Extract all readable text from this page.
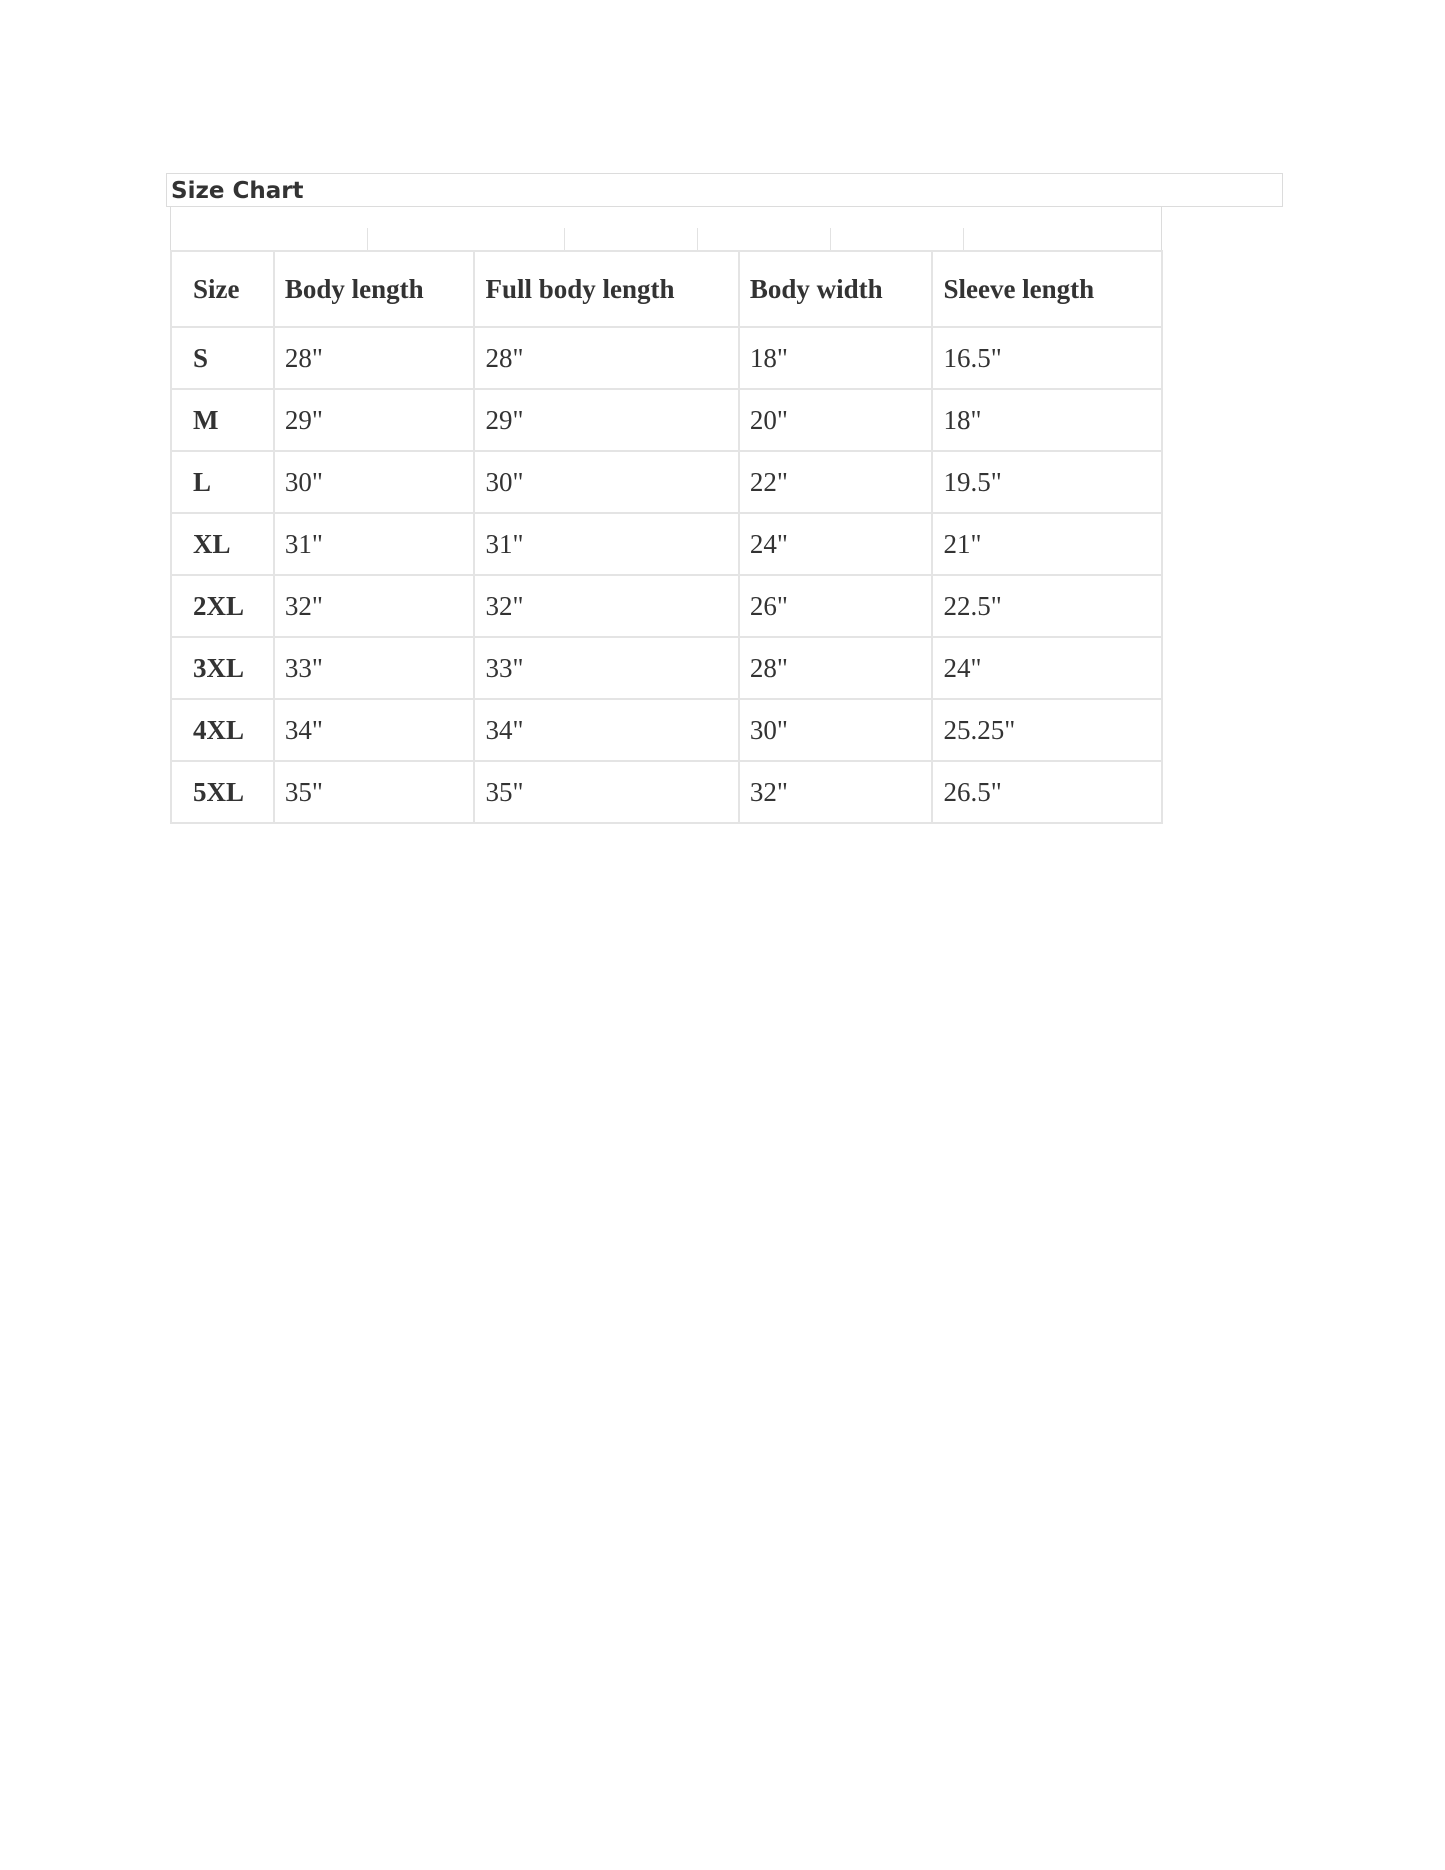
Size Chart
Size	Body length	Full body length	Body width	Sleeve length
S	28"	28"	18"	16.5"
M	29"	29"	20"	18"
L	30"	30"	22"	19.5"
XL	31"	31"	24"	21"
2XL	32"	32"	26"	22.5"
3XL	33"	33"	28"	24"
4XL	34"	34"	30"	25.25"
5XL	35"	35"	32"	26.5"
